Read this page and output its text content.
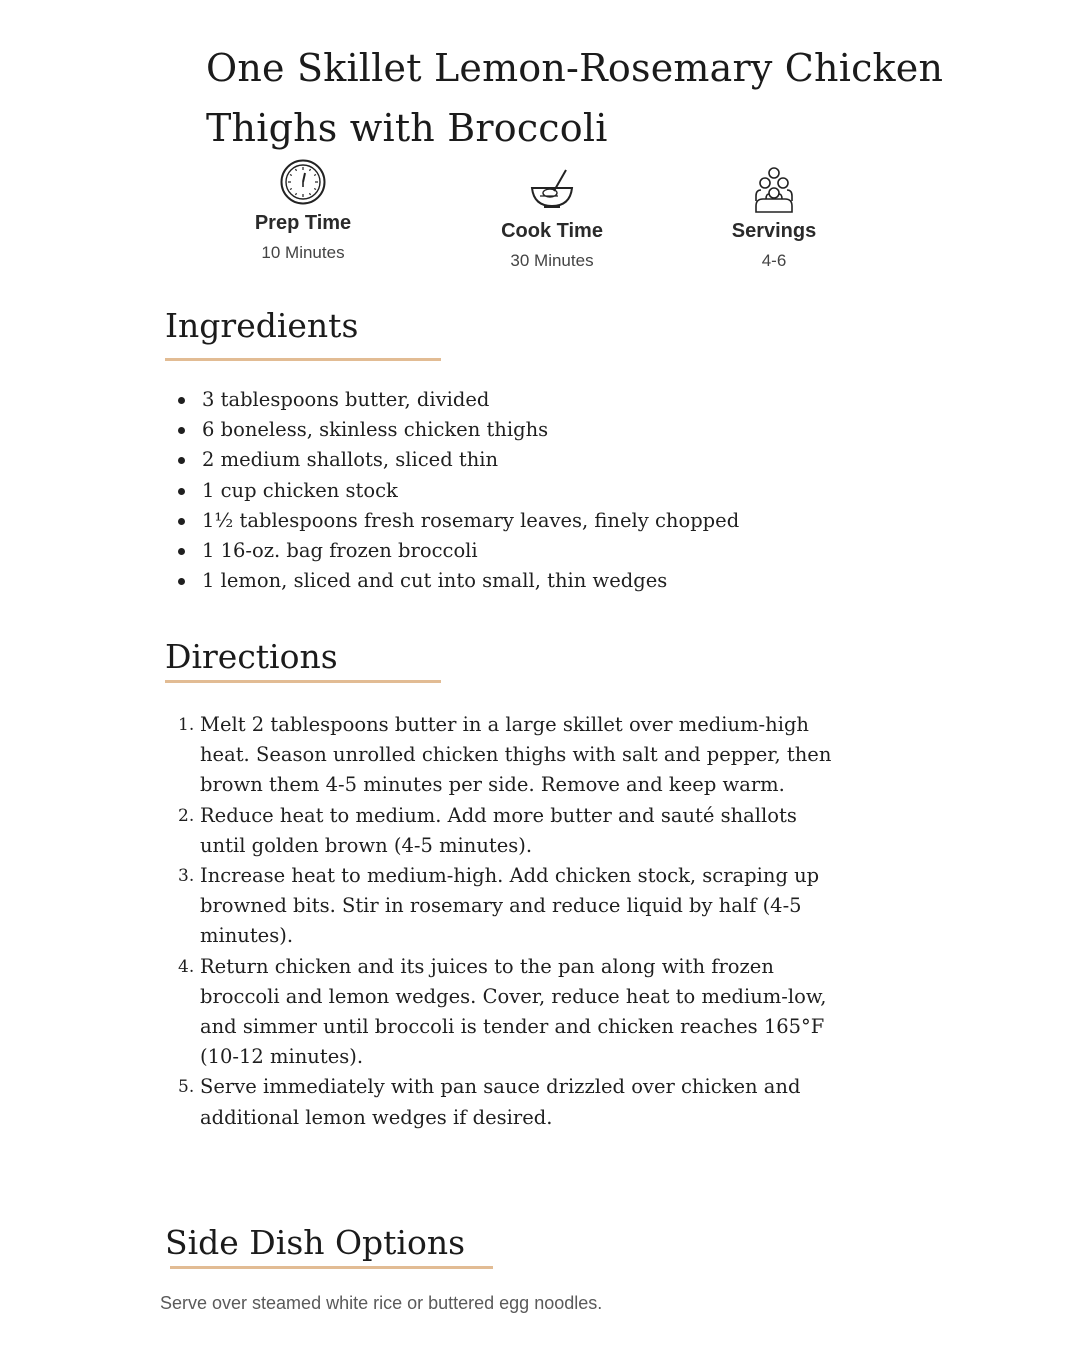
One Skillet Lemon-Rosemary Chicken Thighs with Broccoli
Prep Time
10 Minutes
Cook Time
30 Minutes
Servings
4-6
Ingredients
3 tablespoons butter, divided
6 boneless, skinless chicken thighs
2 medium shallots, sliced thin
1 cup chicken stock
1½ tablespoons fresh rosemary leaves, finely chopped
1 16-oz. bag frozen broccoli
1 lemon, sliced and cut into small, thin wedges
Directions
1. Melt 2 tablespoons butter in a large skillet over medium-high heat. Season unrolled chicken thighs with salt and pepper, then brown them 4-5 minutes per side. Remove and keep warm.
2. Reduce heat to medium. Add more butter and sauté shallots until golden brown (4-5 minutes).
3. Increase heat to medium-high. Add chicken stock, scraping up browned bits. Stir in rosemary and reduce liquid by half (4-5 minutes).
4. Return chicken and its juices to the pan along with frozen broccoli and lemon wedges. Cover, reduce heat to medium-low, and simmer until broccoli is tender and chicken reaches 165°F (10-12 minutes).
5. Serve immediately with pan sauce drizzled over chicken and additional lemon wedges if desired.
Side Dish Options
Serve over steamed white rice or buttered egg noodles.
